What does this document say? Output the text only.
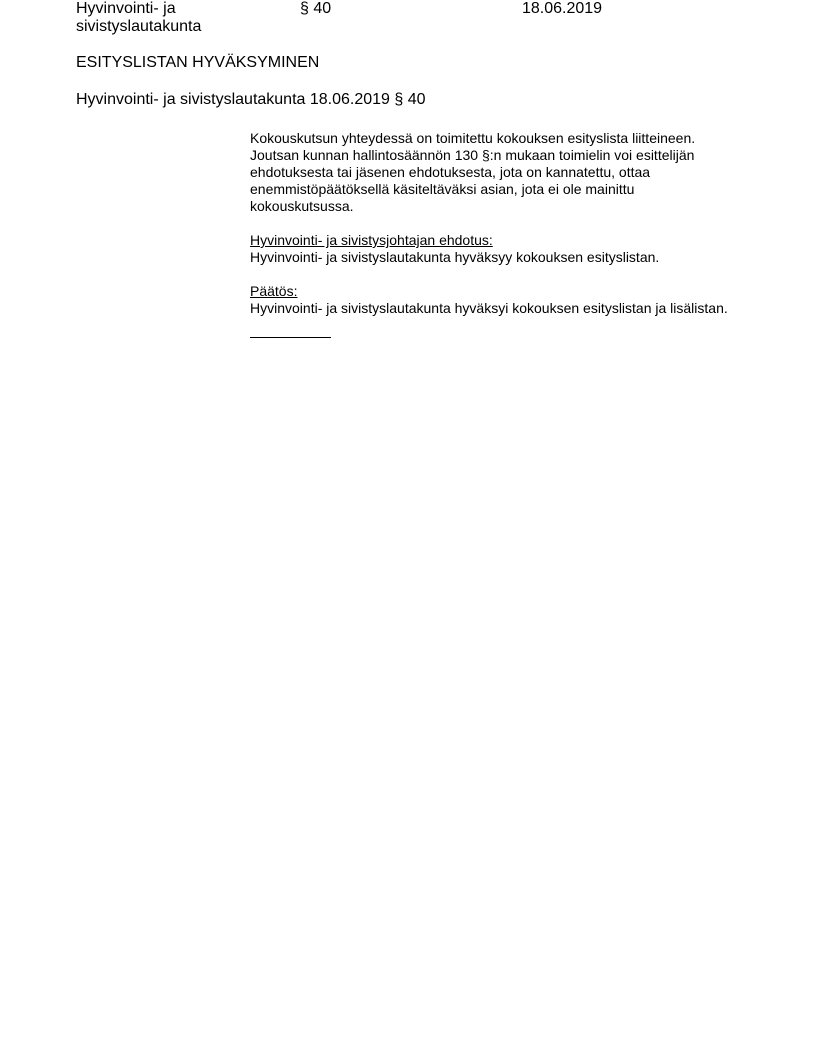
Hyvinvointi- ja sivistyslautakunta
§ 40	18.06.2019
ESITYSLISTAN HYVÄKSYMINEN
Hyvinvointi- ja sivistyslautakunta 18.06.2019 § 40

Kokouskutsun yhteydessä on toimitettu kokouksen esityslista liitteineen. Joutsan kunnan hallintosäännön 130 §:n mukaan toimielin voi esittelijän ehdotuksesta tai jäsenen ehdotuksesta, jota on kannatettu, ottaa enemmistöpäätöksellä käsiteltäväksi asian, jota ei ole mainittu kokouskutsussa.

Hyvinvointi- ja sivistysjohtajan ehdotus:

Hyvinvointi- ja sivistyslautakunta hyväksyy kokouksen esityslistan.

Päätös:

Hyvinvointi- ja sivistyslautakunta hyväksyi kokouksen esityslistan ja lisälistan.
